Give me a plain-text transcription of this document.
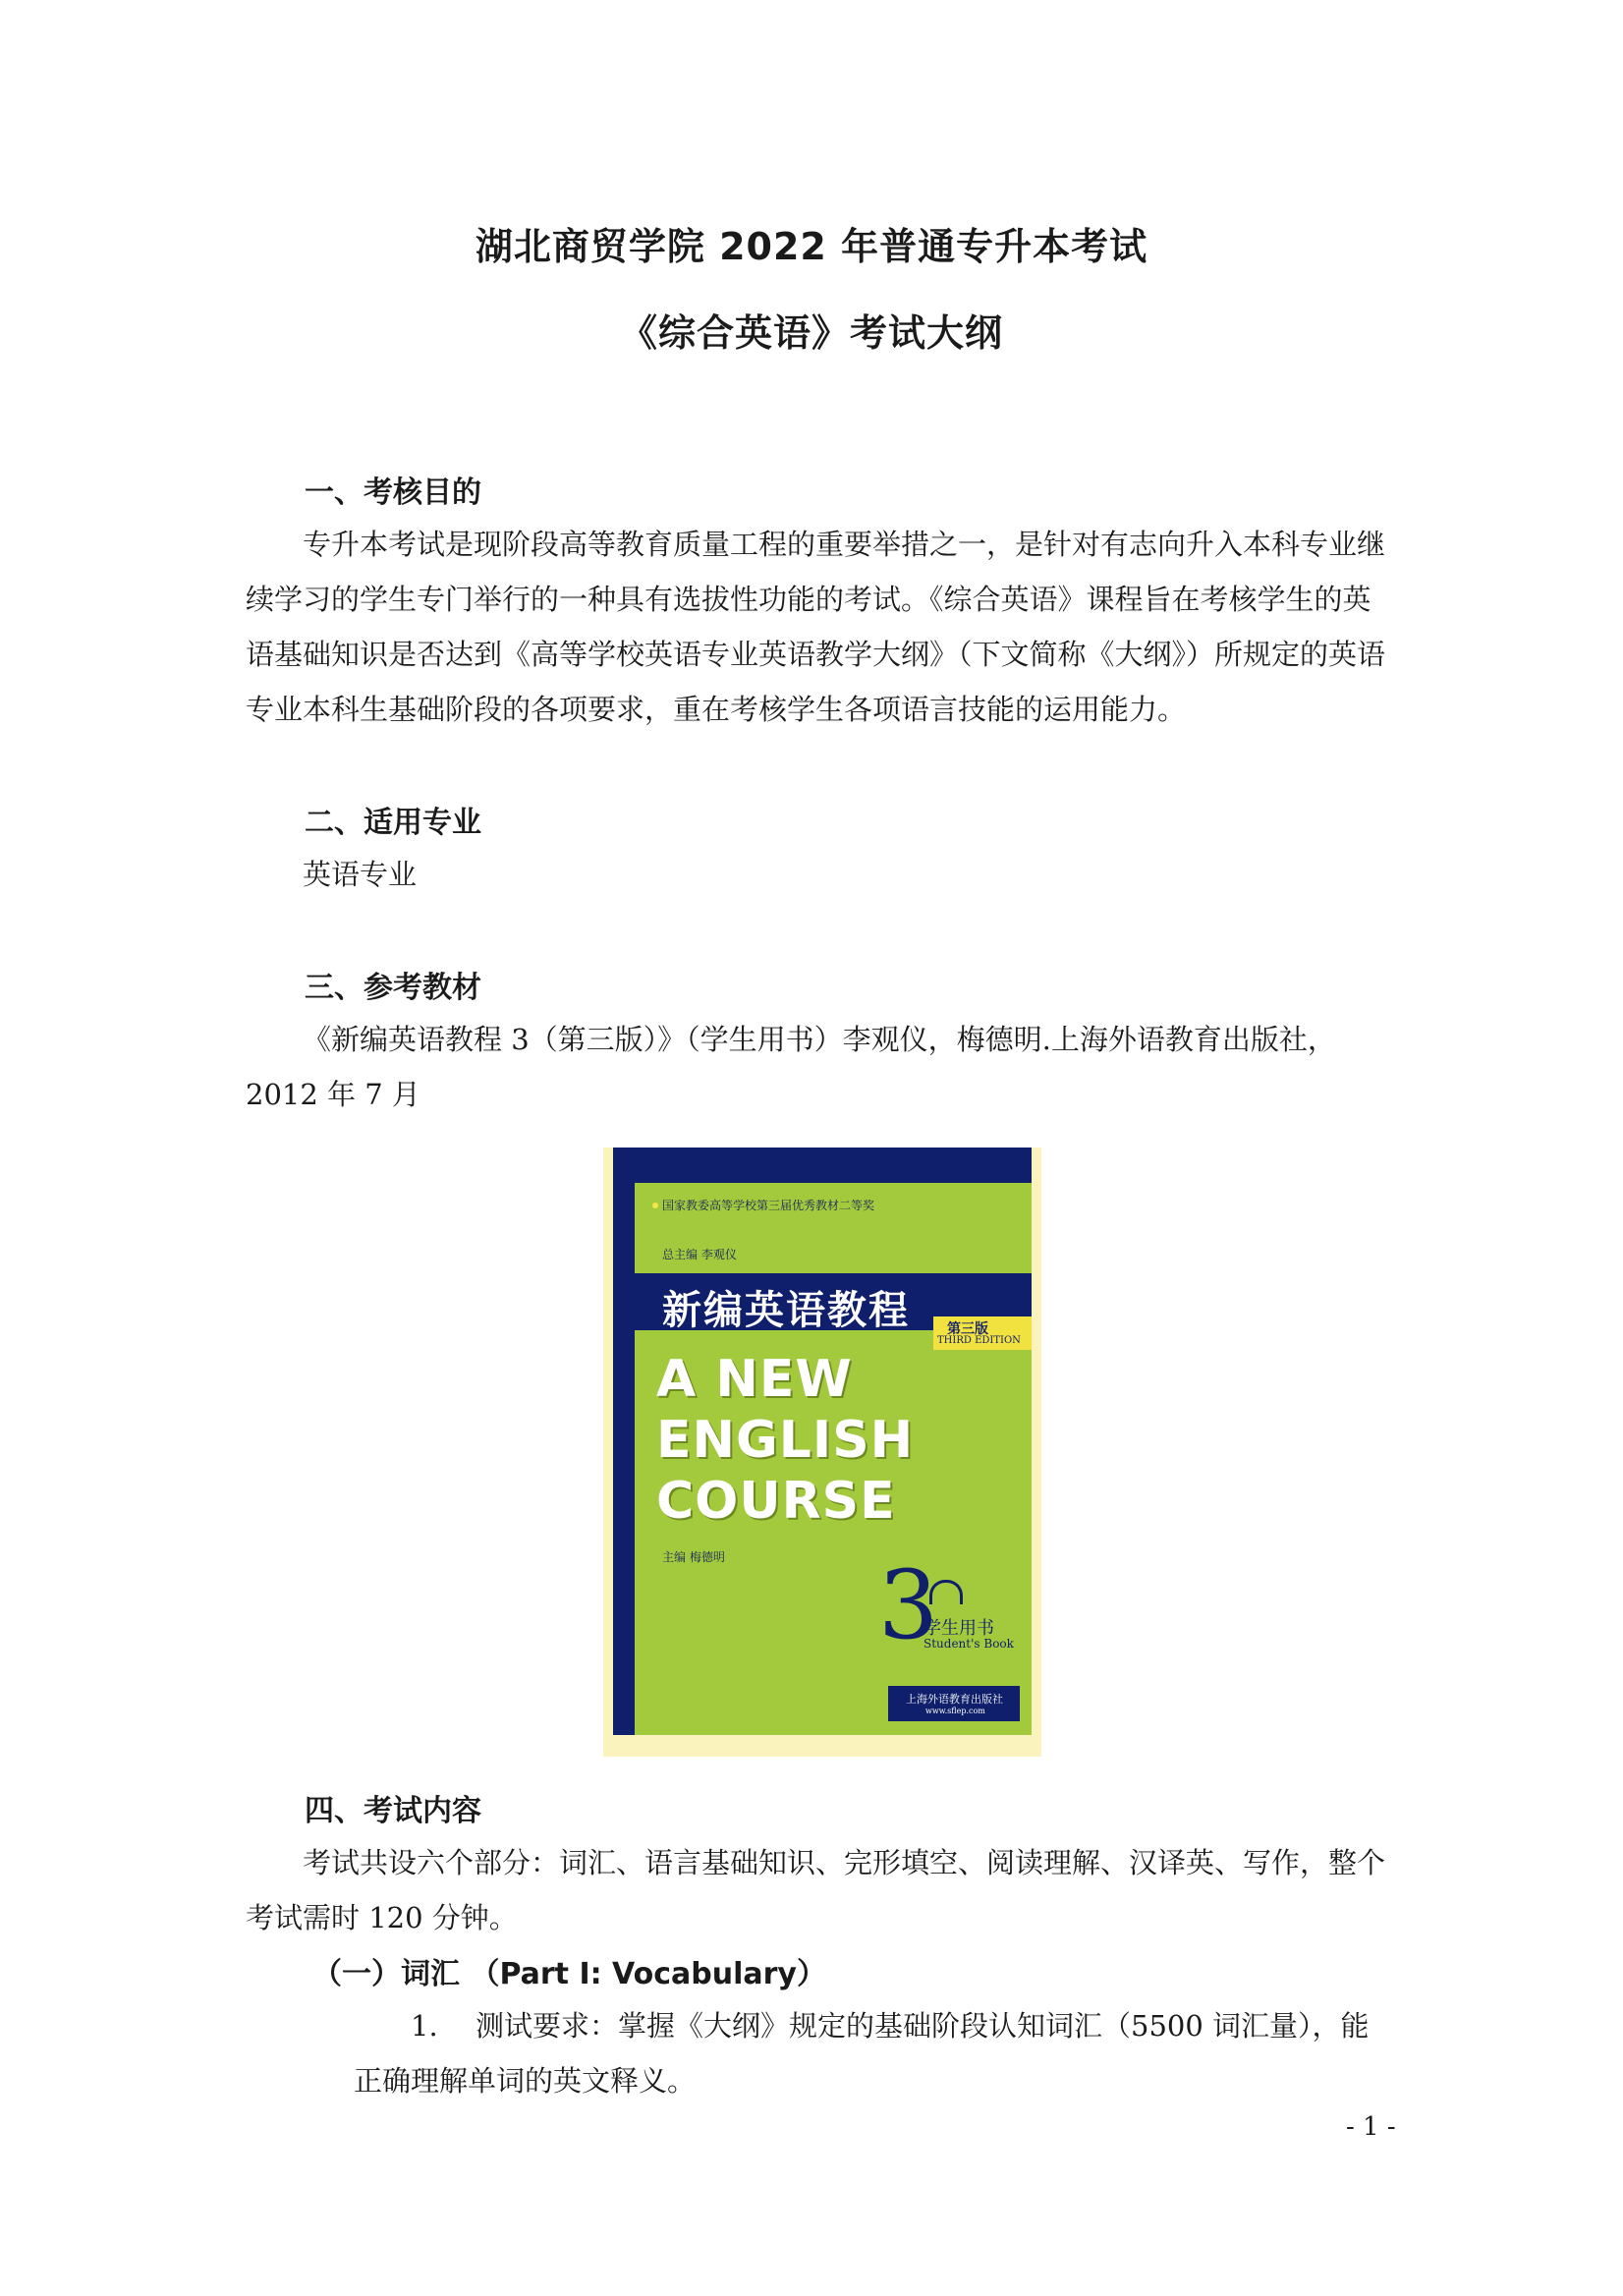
湖北商贸学院 2022 年普通专升本考试
《综合英语》考试大纲
一、考核目的

专升本考试是现阶段高等教育质量工程的重要举措之一，是针对有志向升入本科专业继续学习的学生专门举行的一种具有选拔性功能的考试。《综合英语》课程旨在考核学生的英语基础知识是否达到《高等学校英语专业英语教学大纲》（下文简称《大纲》）所规定的英语专业本科生基础阶段的各项要求，重在考核学生各项语言技能的运用能力。

二、适用专业

英语专业

三、参考教材

《新编英语教程 3（第三版）》（学生用书）李观仪，梅德明.上海外语教育出版社，2012 年 7 月

国家教委高等学校第三届优秀教材二等奖
总主编 李观仪
新编英语教程	第三版
THIRD EDITION
A NEW
ENGLISH
COURSE
主编 梅德明 3
学生用书
Student's Book
上海外语教育出版社
www.sflep.com
四、考试内容

考试共设六个部分：词汇、语言基础知识、完形填空、阅读理解、汉译英、写作，整个考试需时 120 分钟。

（一）词汇 （Part I: Vocabulary）
1.	测试要求：掌握《大纲》规定的基础阶段认知词汇（5500 词汇量），能正确理解单词的英文释义。

- 1 -
